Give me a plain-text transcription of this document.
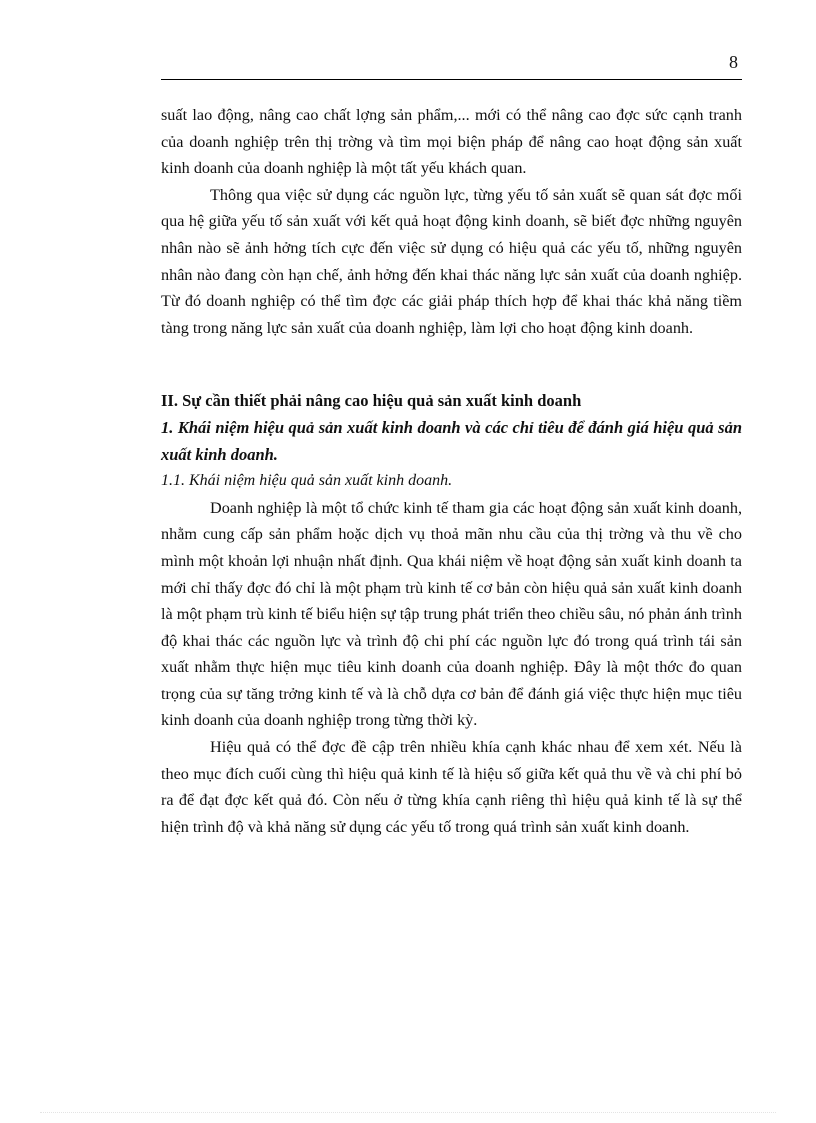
8

suất lao động, nâng cao chất lợng sản phẩm,... mới có thể nâng cao đợc sức cạnh tranh của doanh nghiệp trên thị trờng và tìm mọi biện pháp để nâng cao hoạt động sản xuất kinh doanh của doanh nghiệp là một tất yếu khách quan.

Thông qua việc sử dụng các nguồn lực, từng yếu tố sản xuất sẽ quan sát đợc mối qua hệ giữa yếu tố sản xuất với kết quả hoạt động kinh doanh, sẽ biết đợc những nguyên nhân nào sẽ ảnh hởng tích cực đến việc sử dụng có hiệu quả các yếu tố, những nguyên nhân nào đang còn hạn chế, ảnh hởng đến khai thác năng lực sản xuất của doanh nghiệp. Từ đó doanh nghiệp có thể tìm đợc các giải pháp thích hợp để khai thác khả năng tiềm tàng trong năng lực sản xuất của doanh nghiệp, làm lợi cho hoạt động kinh doanh.

II. Sự cần thiết phải nâng cao hiệu quả sản xuất kinh doanh

1. Khái niệm hiệu quả sản xuất kinh doanh và các chỉ tiêu để đánh giá hiệu quả sản xuất kinh doanh.

1.1. Khái niệm hiệu quả sản xuất kinh doanh.

Doanh nghiệp là một tổ chức kinh tế tham gia các hoạt động sản xuất kinh doanh, nhằm cung cấp sản phẩm hoặc dịch vụ thoả mãn nhu cầu của thị trờng và thu về cho mình một khoản lợi nhuận nhất định. Qua khái niệm về hoạt động sản xuất kinh doanh ta mới chỉ thấy đợc đó chỉ là một phạm trù kinh tế cơ bản còn hiệu quả sản xuất kinh doanh là một phạm trù kinh tế biểu hiện sự tập trung phát triển theo chiều sâu, nó phản ánh trình độ khai thác các nguồn lực và trình độ chi phí các nguồn lực đó trong quá trình tái sản xuất nhằm thực hiện mục tiêu kinh doanh của doanh nghiệp. Đây là một thớc đo quan trọng của sự tăng trởng kinh tế và là chỗ dựa cơ bản để đánh giá việc thực hiện mục tiêu kinh doanh của doanh nghiệp trong từng thời kỳ.

Hiệu quả có thể đợc đề cập trên nhiều khía cạnh khác nhau để xem xét. Nếu là theo mục đích cuối cùng thì hiệu quả kinh tế là hiệu số giữa kết quả thu về và chi phí bỏ ra để đạt đợc kết quả đó. Còn nếu ở từng khía cạnh riêng thì hiệu quả kinh tế là sự thể hiện trình độ và khả năng sử dụng các yếu tố trong quá trình sản xuất kinh doanh.
